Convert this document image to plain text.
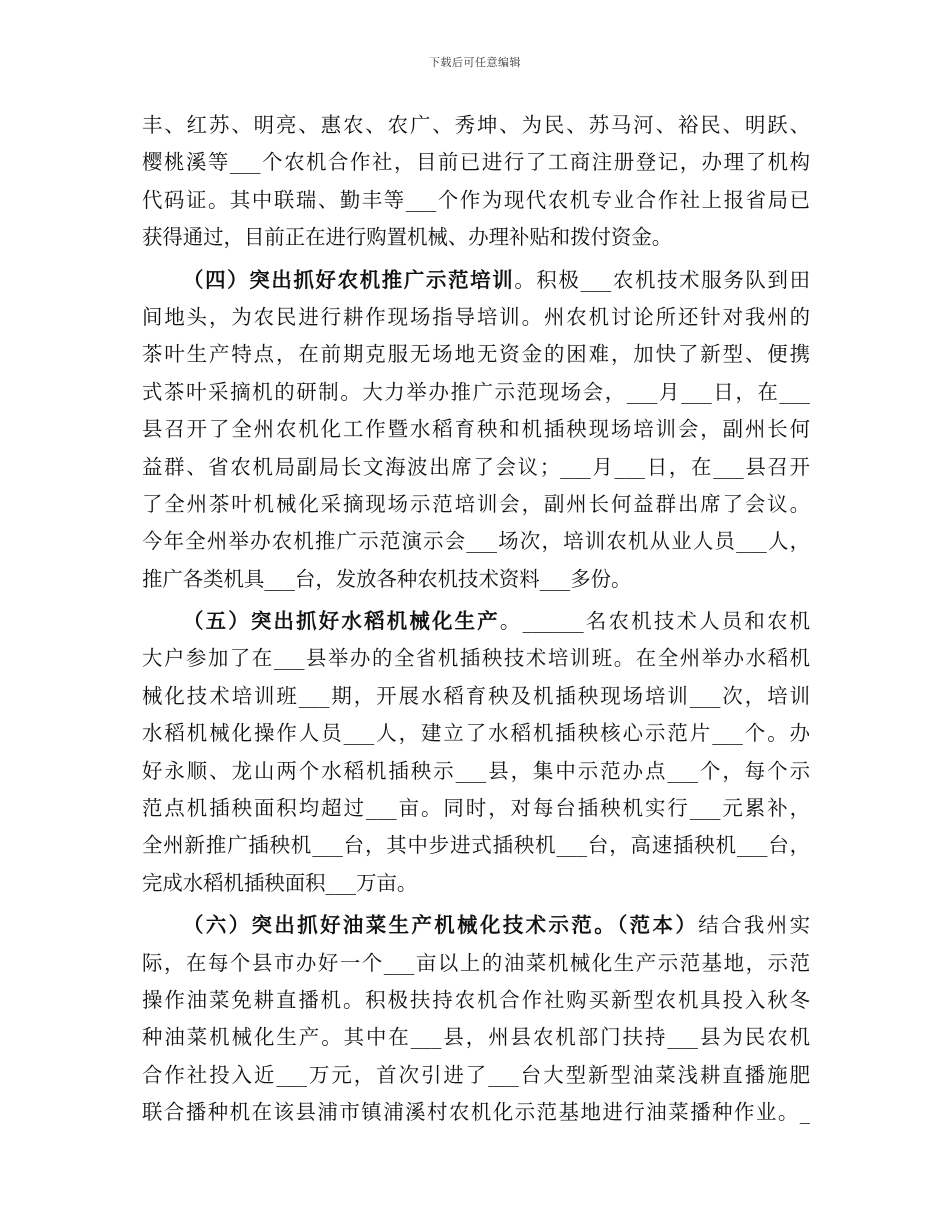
下载后可任意编辑
丰、红苏、明亮、惠农、农广、秀坤、为民、苏马河、裕民、明跃、
樱桃溪等___个农机合作社，目前已进行了工商注册登记，办理了机构
代码证。其中联瑞、勤丰等___个作为现代农机专业合作社上报省局已
获得通过，目前正在进行购置机械、办理补贴和拨付资金。
（四）突出抓好农机推广示范培训。积极___农机技术服务队到田
间地头，为农民进行耕作现场指导培训。州农机讨论所还针对我州的
茶叶生产特点，在前期克服无场地无资金的困难，加快了新型、便携
式茶叶采摘机的研制。大力举办推广示范现场会，___月___日，在___
县召开了全州农机化工作暨水稻育秧和机插秧现场培训会，副州长何
益群、省农机局副局长文海波出席了会议；___月___日，在___县召开
了全州茶叶机械化采摘现场示范培训会，副州长何益群出席了会议。
今年全州举办农机推广示范演示会___场次，培训农机从业人员___人，
推广各类机具___台，发放各种农机技术资料___多份。
（五）突出抓好水稻机械化生产。______名农机技术人员和农机
大户参加了在___县举办的全省机插秧技术培训班。在全州举办水稻机
械化技术培训班___期，开展水稻育秧及机插秧现场培训___次，培训
水稻机械化操作人员___人，建立了水稻机插秧核心示范片___个。办
好永顺、龙山两个水稻机插秧示___县，集中示范办点___个，每个示
范点机插秧面积均超过___亩。同时，对每台插秧机实行___元累补，
全州新推广插秧机___台，其中步进式插秧机___台，高速插秧机___台，
完成水稻机插秧面积___万亩。
（六）突出抓好油菜生产机械化技术示范。（范本）结合我州实
际，在每个县市办好一个___亩以上的油菜机械化生产示范基地，示范
操作油菜免耕直播机。积极扶持农机合作社购买新型农机具投入秋冬
种油菜机械化生产。其中在___县，州县农机部门扶持___县为民农机
合作社投入近___万元，首次引进了___台大型新型油菜浅耕直播施肥
联合播种机在该县浦市镇浦溪村农机化示范基地进行油菜播种作业。_
